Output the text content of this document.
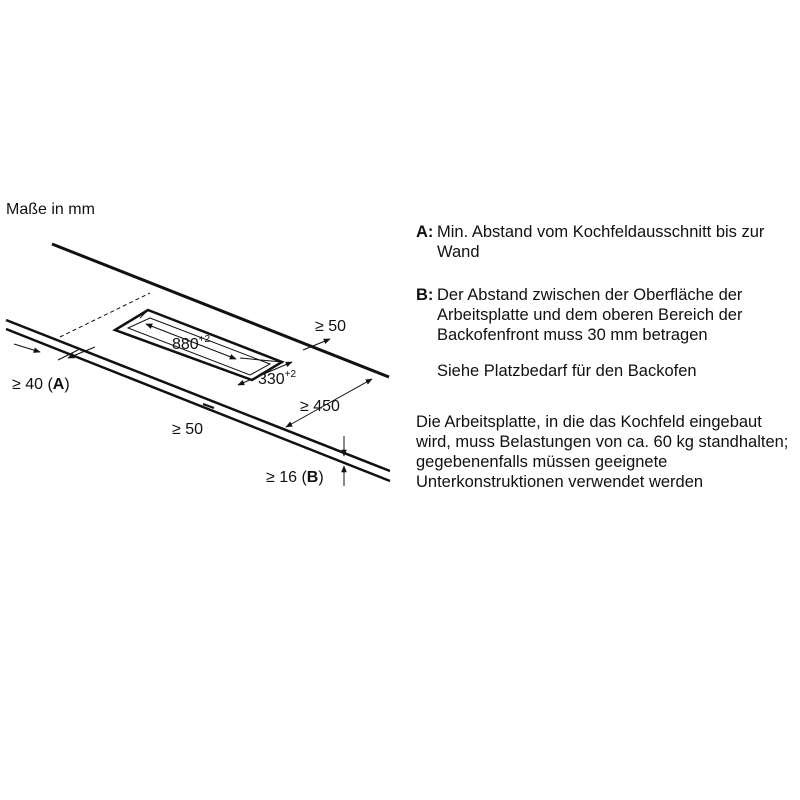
$880^{+2}$
$330^{+2}$
≥ 50
≥ 40 (A)
≥ 450
≥ 50
≥ 16 (B)
Maße in mm
A: Min. Abstand vom Kochfeldausschnitt bis zur Wand
B: Der Abstand zwischen der Oberfläche der Arbeitsplatte und dem oberen Bereich der Backofenfront muss 30 mm betragen
Siehe Platzbedarf für den Backofen
Die Arbeitsplatte, in die das Kochfeld eingebaut wird, muss Belastungen von ca. 60 kg standhalten; gegebenenfalls müssen geeignete Unterkonstruktionen verwendet werden
